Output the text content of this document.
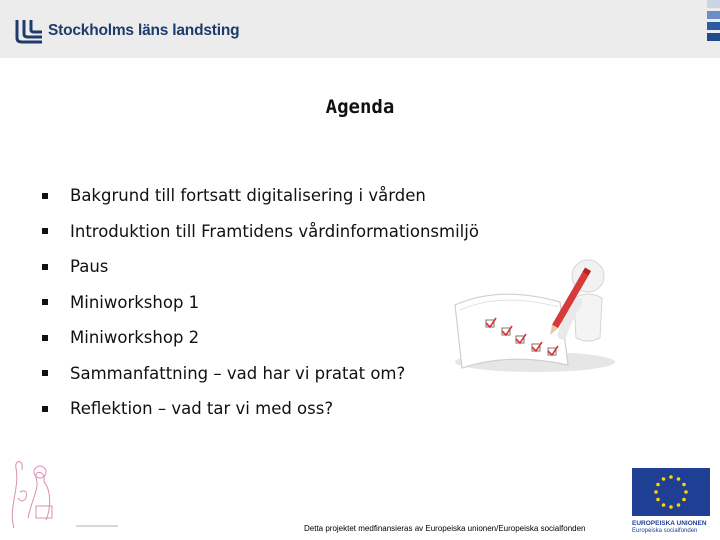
Stockholms läns landsting
Agenda
Bakgrund till fortsatt digitalisering i vården
Introduktion till Framtidens vårdinformationsmiljö
Paus
Miniworkshop 1
Miniworkshop 2
Sammanfattning – vad har vi pratat om?
Reflektion – vad tar vi med oss?
Detta projektet medfinansieras av Europeiska unionen/Europeiska socialfonden
EUROPEISKA UNIONEN
Europeiska socialfonden
